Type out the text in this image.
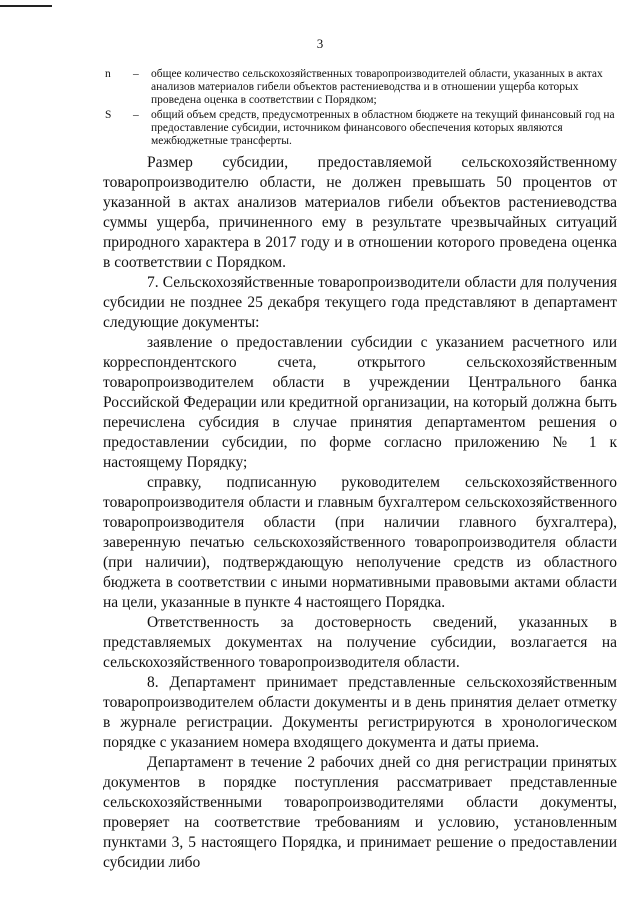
3
n	–	общее количество сельскохозяйственных товаропроизводителей области, указанных в актах анализов материалов гибели объектов растениеводства и в отношении ущерба которых проведена оценка в соответствии с Порядком;
S	–	общий объем средств, предусмотренных в областном бюджете на текущий финансовый год на предоставление субсидии, источником финансового обеспечения которых являются межбюджетные трансферты.

Размер субсидии, предоставляемой сельскохозяйственному товаропроизводителю области, не должен превышать 50 процентов от указанной в актах анализов материалов гибели объектов растениеводства суммы ущерба, причиненного ему в результате чрезвычайных ситуаций природного характера в 2017 году и в отношении которого проведена оценка в соответствии с Порядком.

7. Сельскохозяйственные товаропроизводители области для получения субсидии не позднее 25 декабря текущего года представляют в департамент следующие документы:

заявление о предоставлении субсидии с указанием расчетного или корреспондентского счета, открытого сельскохозяйственным товаропроизводителем области в учреждении Центрального банка Российской Федерации или кредитной организации, на который должна быть перечислена субсидия в случае принятия департаментом решения о предоставлении субсидии, по форме согласно приложению № 1 к настоящему Порядку;

справку, подписанную руководителем сельскохозяйственного товаропроизводителя области и главным бухгалтером сельскохозяйственного товаропроизводителя области (при наличии главного бухгалтера), заверенную печатью сельскохозяйственного товаропроизводителя области (при наличии), подтверждающую неполучение средств из областного бюджета в соответствии с иными нормативными правовыми актами области на цели, указанные в пункте 4 настоящего Порядка.

Ответственность за достоверность сведений, указанных в представляемых документах на получение субсидии, возлагается на сельскохозяйственного товаропроизводителя области.

8. Департамент принимает представленные сельскохозяйственным товаропроизводителем области документы и в день принятия делает отметку в журнале регистрации. Документы регистрируются в хронологическом порядке с указанием номера входящего документа и даты приема.

Департамент в течение 2 рабочих дней со дня регистрации принятых документов в порядке поступления рассматривает представленные сельскохозяйственными товаропроизводителями области документы, проверяет на соответствие требованиям и условию, установленным пунктами 3, 5 настоящего Порядка, и принимает решение о предоставлении субсидии либо
